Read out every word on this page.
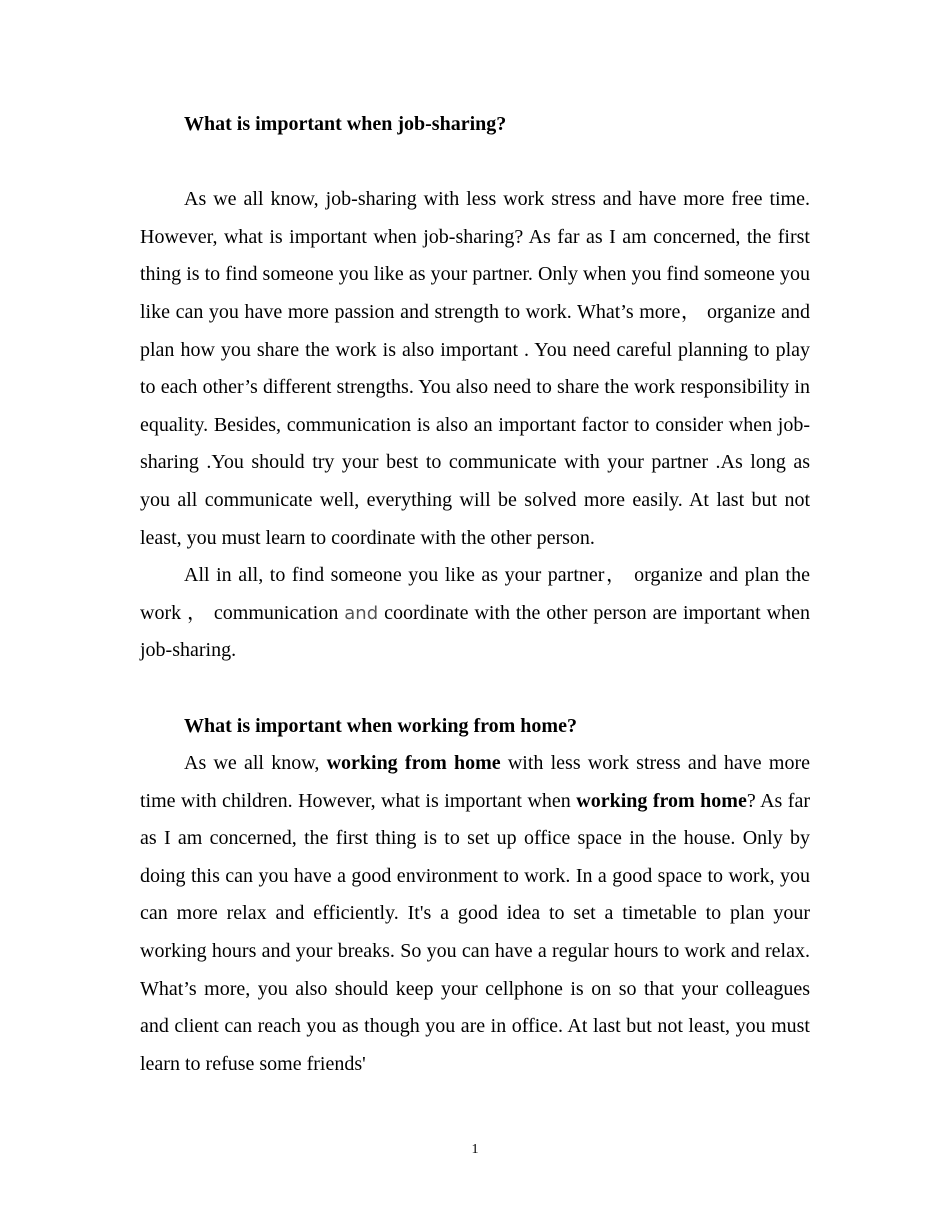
What is important when job-sharing?

As we all know, job-sharing with less work stress and have more free time. However, what is important when job-sharing? As far as I am concerned, the first thing is to find someone you like as your partner. Only when you find someone you like can you have more passion and strength to work. What’s more， organize and plan how you share the work is also important . You need careful planning to play to each other’s different strengths. You also need to share the work responsibility in equality. Besides, communication is also an important factor to consider when job-sharing .You should try your best to communicate with your partner .As long as you all communicate well, everything will be solved more easily. At last but not least, you must learn to coordinate with the other person.

All in all, to find someone you like as your partner， organize and plan the work ， communication and coordinate with the other person are important when job-sharing.

What is important when working from home?

As we all know, working from home with less work stress and have more time with children. However, what is important when working from home? As far as I am concerned, the first thing is to set up office space in the house. Only by doing this can you have a good environment to work. In a good space to work, you can more relax and efficiently. It's a good idea to set a timetable to plan your working hours and your breaks. So you can have a regular hours to work and relax. What’s more, you also should keep your cellphone is on so that your colleagues and client can reach you as though you are in office. At last but not least, you must learn to refuse some friends'

1
